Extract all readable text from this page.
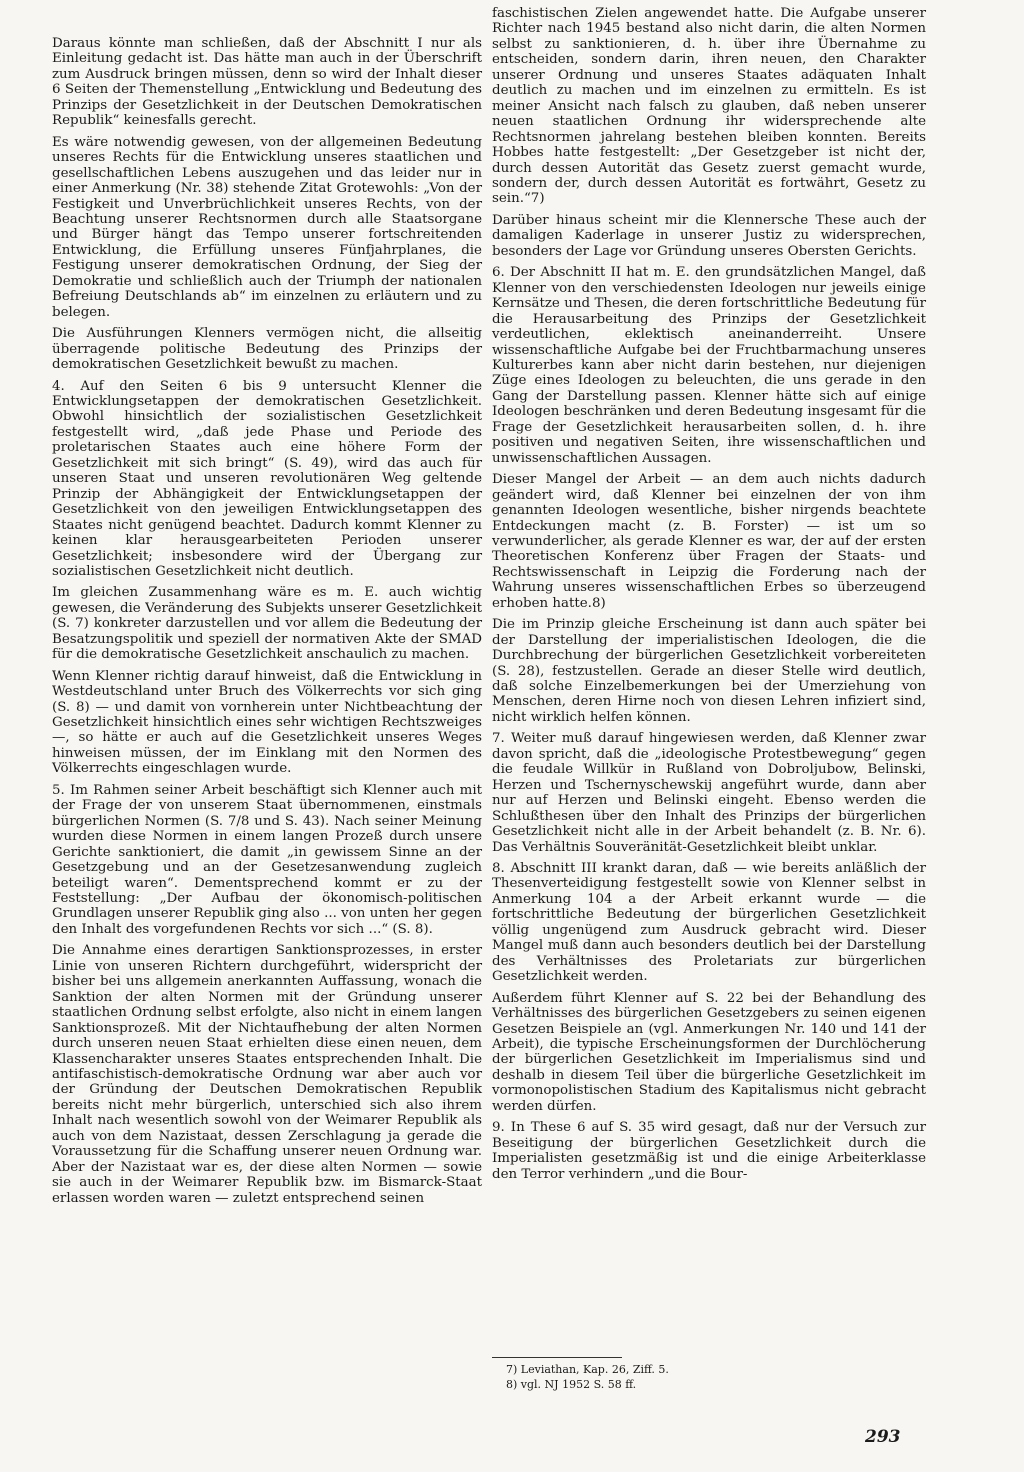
Daraus könnte man schließen, daß der Abschnitt I nur als Einleitung gedacht ist. Das hätte man auch in der Überschrift zum Ausdruck bringen müssen, denn so wird der Inhalt dieser 6 Seiten der Themenstellung „Entwicklung und Bedeutung des Prinzips der Gesetzlichkeit in der Deutschen Demokratischen Republik“ keinesfalls gerecht.

Es wäre notwendig gewesen, von der allgemeinen Bedeutung unseres Rechts für die Entwicklung unseres staatlichen und gesellschaftlichen Lebens auszugehen und das leider nur in einer Anmerkung (Nr. 38) stehende Zitat Grotewohls: „Von der Festigkeit und Unverbrüchlichkeit unseres Rechts, von der Beachtung unserer Rechtsnormen durch alle Staatsorgane und Bürger hängt das Tempo unserer fortschreitenden Entwicklung, die Erfüllung unseres Fünfjahrplanes, die Festigung unserer demokratischen Ordnung, der Sieg der Demokratie und schließlich auch der Triumph der nationalen Befreiung Deutschlands ab“ im einzelnen zu erläutern und zu belegen.

Die Ausführungen Klenners vermögen nicht, die allseitig überragende politische Bedeutung des Prinzips der demokratischen Gesetzlichkeit bewußt zu machen.

4. Auf den Seiten 6 bis 9 untersucht Klenner die Entwicklungsetappen der demokratischen Gesetzlichkeit. Obwohl hinsichtlich der sozialistischen Gesetzlichkeit festgestellt wird, „daß jede Phase und Periode des proletarischen Staates auch eine höhere Form der Gesetzlichkeit mit sich bringt“ (S. 49), wird das auch für unseren Staat und unseren revolutionären Weg geltende Prinzip der Abhängigkeit der Entwicklungsetappen der Gesetzlichkeit von den jeweiligen Entwicklungsetappen des Staates nicht genügend beachtet. Dadurch kommt Klenner zu keinen klar herausgearbeiteten Perioden unserer Gesetzlichkeit; insbesondere wird der Übergang zur sozialistischen Gesetzlichkeit nicht deutlich.

Im gleichen Zusammenhang wäre es m. E. auch wichtig gewesen, die Veränderung des Subjekts unserer Gesetzlichkeit (S. 7) konkreter darzustellen und vor allem die Bedeutung der Besatzungspolitik und speziell der normativen Akte der SMAD für die demokratische Gesetzlichkeit anschaulich zu machen.

Wenn Klenner richtig darauf hinweist, daß die Entwicklung in Westdeutschland unter Bruch des Völkerrechts vor sich ging (S. 8) — und damit von vornherein unter Nichtbeachtung der Gesetzlichkeit hinsichtlich eines sehr wichtigen Rechtszweiges —, so hätte er auch auf die Gesetzlichkeit unseres Weges hinweisen müssen, der im Einklang mit den Normen des Völkerrechts eingeschlagen wurde.

5. Im Rahmen seiner Arbeit beschäftigt sich Klenner auch mit der Frage der von unserem Staat übernommenen, einstmals bürgerlichen Normen (S. 7/8 und S. 43). Nach seiner Meinung wurden diese Normen in einem langen Prozeß durch unsere Gerichte sanktioniert, die damit „in gewissem Sinne an der Gesetzgebung und an der Gesetzesanwendung zugleich beteiligt waren“. Dementsprechend kommt er zu der Feststellung: „Der Aufbau der ökonomisch-politischen Grundlagen unserer Republik ging also ... von unten her gegen den Inhalt des vorgefundenen Rechts vor sich ...“ (S. 8).

Die Annahme eines derartigen Sanktionsprozesses, in erster Linie von unseren Richtern durchgeführt, widerspricht der bisher bei uns allgemein anerkannten Auffassung, wonach die Sanktion der alten Normen mit der Gründung unserer staatlichen Ordnung selbst erfolgte, also nicht in einem langen Sanktionsprozeß. Mit der Nichtaufhebung der alten Normen durch unseren neuen Staat erhielten diese einen neuen, dem Klassencharakter unseres Staates entsprechenden Inhalt. Die antifaschistisch-demokratische Ordnung war aber auch vor der Gründung der Deutschen Demokratischen Republik bereits nicht mehr bürgerlich, unterschied sich also ihrem Inhalt nach wesentlich sowohl von der Weimarer Republik als auch von dem Nazistaat, dessen Zerschlagung ja gerade die Voraussetzung für die Schaffung unserer neuen Ordnung war. Aber der Nazistaat war es, der diese alten Normen — sowie sie auch in der Weimarer Republik bzw. im Bismarck-Staat erlassen worden waren — zuletzt entsprechend seinen

faschistischen Zielen angewendet hatte. Die Aufgabe unserer Richter nach 1945 bestand also nicht darin, die alten Normen selbst zu sanktionieren, d. h. über ihre Übernahme zu entscheiden, sondern darin, ihren neuen, den Charakter unserer Ordnung und unseres Staates adäquaten Inhalt deutlich zu machen und im einzelnen zu ermitteln. Es ist meiner Ansicht nach falsch zu glauben, daß neben unserer neuen staatlichen Ordnung ihr widersprechende alte Rechtsnormen jahrelang bestehen bleiben konnten. Bereits Hobbes hatte festgestellt: „Der Gesetzgeber ist nicht der, durch dessen Autorität das Gesetz zuerst gemacht wurde, sondern der, durch dessen Autorität es fortwährt, Gesetz zu sein.“7)

Darüber hinaus scheint mir die Klennersche These auch der damaligen Kaderlage in unserer Justiz zu widersprechen, besonders der Lage vor Gründung unseres Obersten Gerichts.

6. Der Abschnitt II hat m. E. den grundsätzlichen Mangel, daß Klenner von den verschiedensten Ideologen nur jeweils einige Kernsätze und Thesen, die deren fortschrittliche Bedeutung für die Herausarbeitung des Prinzips der Gesetzlichkeit verdeutlichen, eklektisch aneinanderreiht. Unsere wissenschaftliche Aufgabe bei der Fruchtbarmachung unseres Kulturerbes kann aber nicht darin bestehen, nur diejenigen Züge eines Ideologen zu beleuchten, die uns gerade in den Gang der Darstellung passen. Klenner hätte sich auf einige Ideologen beschränken und deren Bedeutung insgesamt für die Frage der Gesetzlichkeit herausarbeiten sollen, d. h. ihre positiven und negativen Seiten, ihre wissenschaftlichen und unwissenschaftlichen Aussagen.

Dieser Mangel der Arbeit — an dem auch nichts dadurch geändert wird, daß Klenner bei einzelnen der von ihm genannten Ideologen wesentliche, bisher nirgends beachtete Entdeckungen macht (z. B. Forster) — ist um so verwunderlicher, als gerade Klenner es war, der auf der ersten Theoretischen Konferenz über Fragen der Staats- und Rechtswissenschaft in Leipzig die Forderung nach der Wahrung unseres wissenschaftlichen Erbes so überzeugend erhoben hatte.8)

Die im Prinzip gleiche Erscheinung ist dann auch später bei der Darstellung der imperialistischen Ideologen, die die Durchbrechung der bürgerlichen Gesetzlichkeit vorbereiteten (S. 28), festzustellen. Gerade an dieser Stelle wird deutlich, daß solche Einzelbemerkungen bei der Umerziehung von Menschen, deren Hirne noch von diesen Lehren infiziert sind, nicht wirklich helfen können.

7. Weiter muß darauf hingewiesen werden, daß Klenner zwar davon spricht, daß die „ideologische Protestbewegung“ gegen die feudale Willkür in Rußland von Dobroljubow, Belinski, Herzen und Tschernyschewskij angeführt wurde, dann aber nur auf Herzen und Belinski eingeht. Ebenso werden die Schlußthesen über den Inhalt des Prinzips der bürgerlichen Gesetzlichkeit nicht alle in der Arbeit behandelt (z. B. Nr. 6). Das Verhältnis Souveränität-Gesetzlichkeit bleibt unklar.

8. Abschnitt III krankt daran, daß — wie bereits anläßlich der Thesenverteidigung festgestellt sowie von Klenner selbst in Anmerkung 104 a der Arbeit erkannt wurde — die fortschrittliche Bedeutung der bürgerlichen Gesetzlichkeit völlig ungenügend zum Ausdruck gebracht wird. Dieser Mangel muß dann auch besonders deutlich bei der Darstellung des Verhältnisses des Proletariats zur bürgerlichen Gesetzlichkeit werden.

Außerdem führt Klenner auf S. 22 bei der Behandlung des Verhältnisses des bürgerlichen Gesetzgebers zu seinen eigenen Gesetzen Beispiele an (vgl. Anmerkungen Nr. 140 und 141 der Arbeit), die typische Erscheinungsformen der Durchlöcherung der bürgerlichen Gesetzlichkeit im Imperialismus sind und deshalb in diesem Teil über die bürgerliche Gesetzlichkeit im vormonopolistischen Stadium des Kapitalismus nicht gebracht werden dürfen.

9. In These 6 auf S. 35 wird gesagt, daß nur der Versuch zur Beseitigung der bürgerlichen Gesetzlichkeit durch die Imperialisten gesetzmäßig ist und die einige Arbeiterklasse den Terror verhindern „und die Bour-

7) Leviathan, Kap. 26, Ziff. 5.
8) vgl. NJ 1952 S. 58 ff.
293
